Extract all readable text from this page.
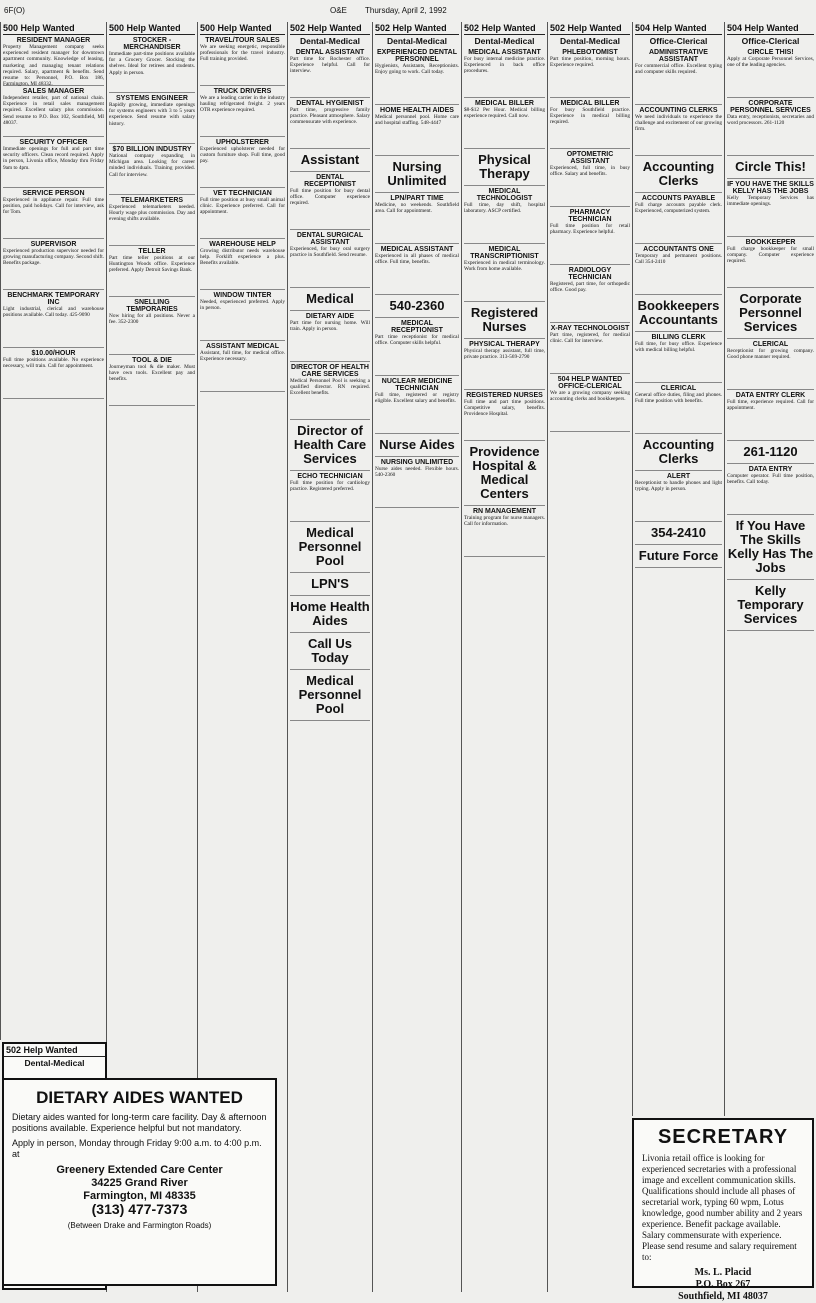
6F(O)	O&E Thursday, April 2, 1992
500 Help Wanted
RESIDENT MANAGER
Property Management company seeks experienced resident manager for downtown apartment community. Knowledge of leasing, marketing and managing tenant relations required. Salary, apartment & benefits. Send resume to: Personnel, P.O. Box 186, Farmington, MI 48332.
SALES MANAGER
Independent retailer, part of national chain. Experience in retail sales management required. Excellent salary plus commission. Send resume to P.O. Box 102, Southfield, MI 48037.
SECURITY OFFICER
Immediate openings for full and part time security officers. Clean record required. Apply in person, Livonia office, Monday thru Friday 9am to 4pm.
SERVICE PERSON
Experienced in appliance repair. Full time position, paid holidays. Call for interview, ask for Tom.
SUPERVISOR
Experienced production supervisor needed for growing manufacturing company. Second shift. Benefits package.
BENCHMARK TEMPORARY INC
Light industrial, clerical and warehouse positions available. Call today. 425-9090
$10.00/HOUR
Full time positions available. No experience necessary, will train. Call for appointment.
500 Help Wanted
STOCKER - MERCHANDISER
Immediate part-time positions available for a Grocery Grocer. Stocking the shelves. Ideal for retirees and students. Apply in person.
SYSTEMS ENGINEER
Rapidly growing, immediate openings for systems engineers with 3 to 5 years experience. Send resume with salary history.
$70 BILLION INDUSTRY
National company expanding in Michigan area. Looking for career minded individuals. Training provided. Call for interview.
TELEMARKETERS
Experienced telemarketers needed. Hourly wage plus commission. Day and evening shifts available.
TELLER
Part time teller positions at our Huntington Woods office. Experience preferred. Apply Detroit Savings Bank.
SNELLING TEMPORARIES
Now hiring for all positions. Never a fee. 352-2300
TOOL & DIE
Journeyman tool & die maker. Must have own tools. Excellent pay and benefits.
500 Help Wanted
TRAVEL/TOUR SALES
We are seeking energetic, responsible professionals for the travel industry. Full training provided.
TRUCK DRIVERS
We are a leading carrier in the industry hauling refrigerated freight. 2 years OTR experience required.
UPHOLSTERER
Experienced upholsterer needed for custom furniture shop. Full time, good pay.
VET TECHNICIAN
Full time position at busy small animal clinic. Experience preferred. Call for appointment.
WAREHOUSE HELP
Growing distributor needs warehouse help. Forklift experience a plus. Benefits available.
WINDOW TINTER
Needed, experienced preferred. Apply in person.
ASSISTANT MEDICAL
Assistant, full time, for medical office. Experience necessary.
502 Help Wanted
Dental-Medical
DENTAL ASSISTANT
Part time for Rochester office. Experience helpful. Call for interview.
DENTAL HYGIENIST
Part time, progressive family practice. Pleasant atmosphere. Salary commensurate with experience.
Assistant
DENTAL RECEPTIONIST
Full time position for busy dental office. Computer experience required.
DENTAL SURGICAL ASSISTANT
Experienced, for busy oral surgery practice in Southfield. Send resume.
Medical
DIETARY AIDE
Part time for nursing home. Will train. Apply in person.
DIRECTOR OF HEALTH CARE SERVICES
Medical Personnel Pool is seeking a qualified director. RN required. Excellent benefits.
Director of Health Care Services
ECHO TECHNICIAN
Full time position for cardiology practice. Registered preferred.
Medical Personnel Pool
LPN'S
Home Health Aides
Call Us Today
Medical Personnel Pool
502 Help Wanted
Dental-Medical
EXPERIENCED DENTAL PERSONNEL
Hygienists, Assistants, Receptionists. Enjoy going to work. Call today.
HOME HEALTH AIDES
Medical personnel pool. Home care and hospital staffing. 548-4447
Nursing Unlimited
LPN/PART TIME
Medicine, no weekends. Southfield area. Call for appointment.
MEDICAL ASSISTANT
Experienced in all phases of medical office. Full time, benefits.
540-2360
MEDICAL RECEPTIONIST
Part time receptionist for medical office. Computer skills helpful.
NUCLEAR MEDICINE TECHNICIAN
Full time, registered or registry eligible. Excellent salary and benefits.
Nurse Aides
NURSING UNLIMITED
Nurse aides needed. Flexible hours. 540-2360
502 Help Wanted
Dental-Medical
MEDICAL ASSISTANT
For busy internal medicine practice. Experienced in back office procedures.
MEDICAL BILLER
$8-$12 Per Hour. Medical billing experience required. Call now.
Physical Therapy
MEDICAL TECHNOLOGIST
Full time, day shift, hospital laboratory. ASCP certified.
MEDICAL TRANSCRIPTIONIST
Experienced in medical terminology. Work from home available.
Registered Nurses
PHYSICAL THERAPY
Physical therapy assistant, full time, private practice. 313-569-2790
REGISTERED NURSES
Full time and part time positions. Competitive salary, benefits. Providence Hospital.
Providence Hospital & Medical Centers
RN MANAGEMENT
Training program for nurse managers. Call for information.
502 Help Wanted
Dental-Medical
PHLEBOTOMIST
Part time position, morning hours. Experience required.
MEDICAL BILLER
For busy Southfield practice. Experience in medical billing required.
OPTOMETRIC ASSISTANT
Experienced, full time, in busy office. Salary and benefits.
PHARMACY TECHNICIAN
Full time position for retail pharmacy. Experience helpful.
RADIOLOGY TECHNICIAN
Registered, part time, for orthopedic office. Good pay.
X-RAY TECHNOLOGIST
Part time, registered, for medical clinic. Call for interview.
504 HELP WANTED OFFICE-CLERICAL
We are a growing company seeking accounting clerks and bookkeepers.
504 Help Wanted
Office-Clerical
ADMINISTRATIVE ASSISTANT
For commercial office. Excellent typing and computer skills required.
ACCOUNTING CLERKS
We need individuals to experience the challenge and excitement of our growing firm.
Accounting Clerks
ACCOUNTS PAYABLE
Full charge accounts payable clerk. Experienced, computerized system.
ACCOUNTANTS ONE
Temporary and permanent positions. Call 354-2410
Bookkeepers Accountants
BILLING CLERK
Full time, for busy office. Experience with medical billing helpful.
CLERICAL
General office duties, filing and phones. Full time position with benefits.
Accounting Clerks
ALERT
Receptionist to handle phones and light typing. Apply in person.
354-2410
Future Force
504 Help Wanted
Office-Clerical
CIRCLE THIS!
Apply at Corporate Personnel Services, one of the leading agencies.
CORPORATE PERSONNEL SERVICES
Data entry, receptionists, secretaries and word processors. 261-1120
Circle This!
IF YOU HAVE THE SKILLS KELLY HAS THE JOBS
Kelly Temporary Services has immediate openings.
BOOKKEEPER
Full charge bookkeeper for small company. Computer experience required.
Corporate Personnel Services
CLERICAL
Receptionist for growing company. Good phone manner required.
DATA ENTRY CLERK
Full time, experience required. Call for appointment.
261-1120
DATA ENTRY
Computer operator. Full time position, benefits. Call today.
If You Have The Skills Kelly Has The Jobs
Kelly Temporary Services
502 Help Wanted
Dental-Medical
DIETARY AIDES WANTED
Dietary aides wanted for long-term care facility. Day & afternoon positions available. Experience helpful but not mandatory.
Apply in person, Monday through Friday 9:00 a.m. to 4:00 p.m. at
Greenery Extended Care Center
34225 Grand River
Farmington, MI 48335
(313) 477-7373
(Between Drake and Farmington Roads)
SECRETARY
Livonia retail office is looking for experienced secretaries with a professional image and excellent communication skills. Qualifications should include all phases of secretarial work, typing 60 wpm, Lotus knowledge, good number ability and 2 years experience. Benefit package available. Salary commensurate with experience. Please send resume and salary requirement to:
Ms. L. Placid
P.O. Box 267
Southfield, MI 48037
